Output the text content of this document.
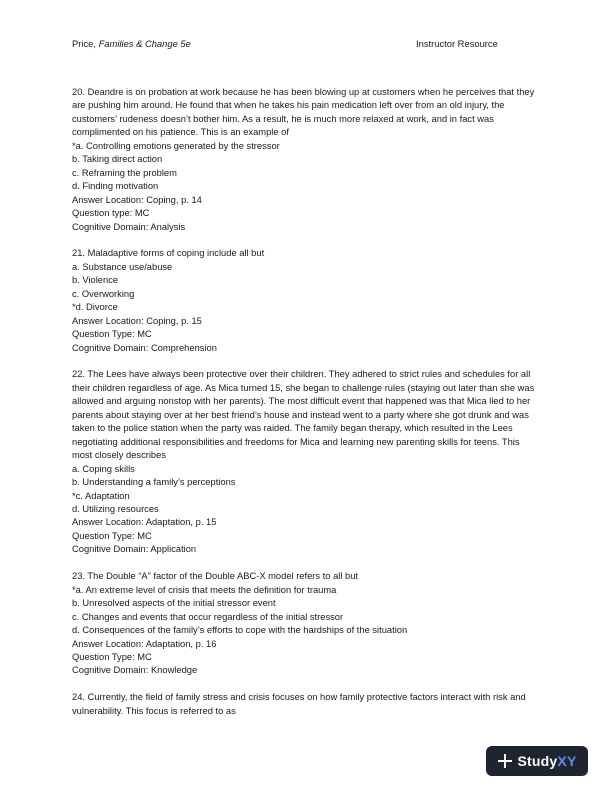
Price, Families & Change 5e	Instructor Resource

20. Deandre is on probation at work because he has been blowing up at customers when he perceives that they are pushing him around. He found that when he takes his pain medication left over from an old injury, the customers’ rudeness doesn’t bother him. As a result, he is much more relaxed at work, and in fact was complimented on his patience. This is an example of

*a. Controlling emotions generated by the stressor

b. Taking direct action

c. Reframing the problem

d. Finding motivation

Answer Location: Coping, p. 14

Question type: MC

Cognitive Domain: Analysis

21. Maladaptive forms of coping include all but

a. Substance use/abuse

b. Violence

c. Overworking

*d. Divorce

Answer Location: Coping, p. 15

Question Type: MC

Cognitive Domain: Comprehension

22. The Lees have always been protective over their children. They adhered to strict rules and schedules for all their children regardless of age. As Mica turned 15, she began to challenge rules (staying out later than she was allowed and arguing nonstop with her parents). The most difficult event that happened was that Mica lied to her parents about staying over at her best friend’s house and instead went to a party where she got drunk and was taken to the police station when the party was raided. The family began therapy, which resulted in the Lees negotiating additional responsibilities and freedoms for Mica and learning new parenting skills for teens. This most closely describes

a. Coping skills

b. Understanding a family’s perceptions

*c. Adaptation

d. Utilizing resources

Answer Location: Adaptation, p. 15

Question Type: MC

Cognitive Domain: Application

23. The Double “A” factor of the Double ABC-X model refers to all but

*a. An extreme level of crisis that meets the definition for trauma

b. Unresolved aspects of the initial stressor event

c. Changes and events that occur regardless of the initial stressor

d. Consequences of the family’s efforts to cope with the hardships of the situation

Answer Location: Adaptation, p. 16

Question Type: MC

Cognitive Domain: Knowledge

24. Currently, the field of family stress and crisis focuses on how family protective factors interact with risk and vulnerability. This focus is referred to as

StudyXY
